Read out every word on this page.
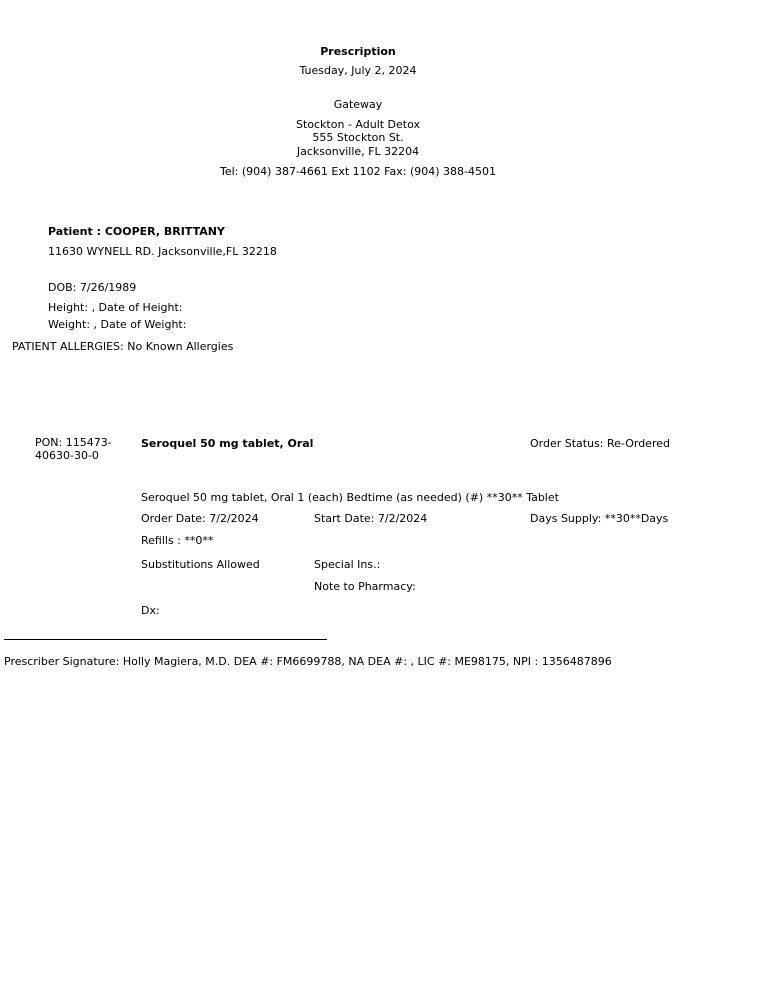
Prescription
Tuesday, July 2, 2024
Gateway
Stockton - Adult Detox
555 Stockton St.
Jacksonville, FL 32204
Tel: (904) 387-4661 Ext 1102 Fax: (904) 388-4501
Patient : COOPER, BRITTANY
11630 WYNELL RD. Jacksonville,FL 32218
DOB: 7/26/1989
Height: , Date of Height:
Weight: , Date of Weight:
PATIENT ALLERGIES: No Known Allergies
PON: 115473-40630-30-0
Seroquel 50 mg tablet, Oral	Order Status: Re-Ordered
Seroquel 50 mg tablet, Oral 1 (each) Bedtime (as needed) (#) **30** Tablet
Order Date: 7/2/2024	Start Date: 7/2/2024	Days Supply: **30**Days
Refills : **0**
Substitutions Allowed	Special Ins.:
Note to Pharmacy:
Dx:
Prescriber Signature: Holly Magiera, M.D. DEA #: FM6699788, NA DEA #: , LIC #: ME98175, NPI : 1356487896
